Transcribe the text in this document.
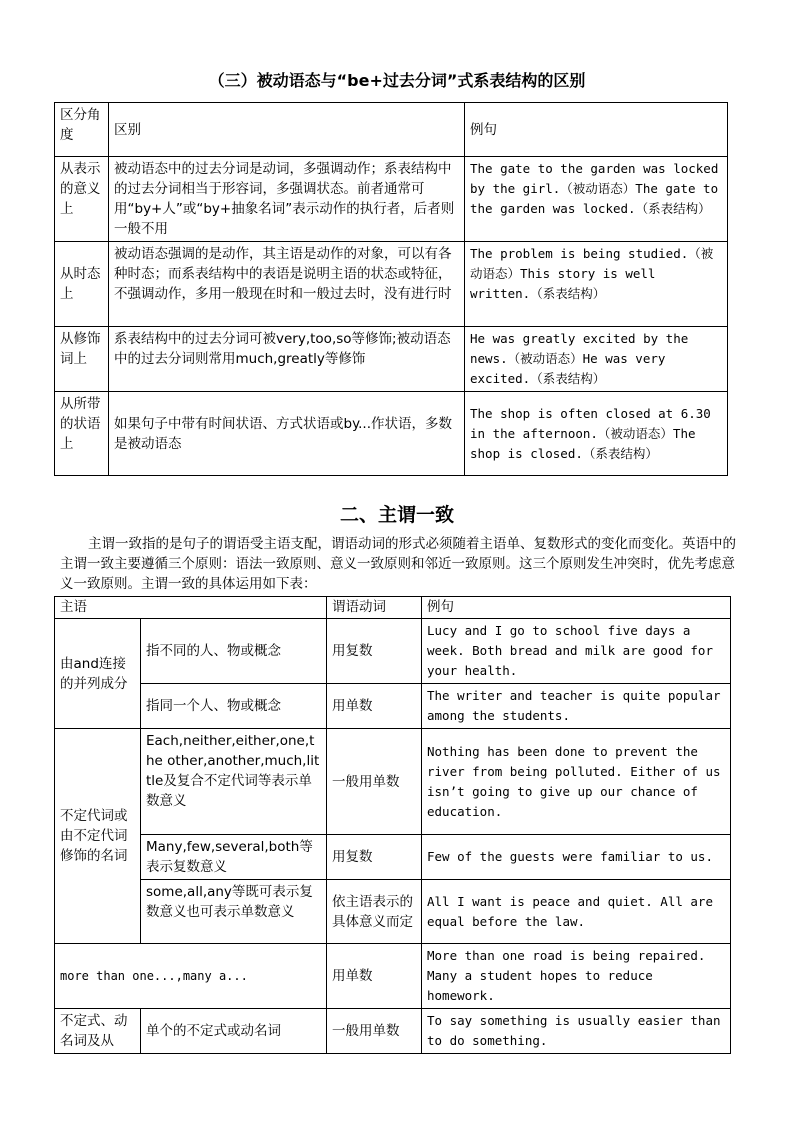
（三）被动语态与“be+过去分词”式系表结构的区别
区分角度	区别	例句
从表示的意义上	被动语态中的过去分词是动词，多强调动作；系表结构中的过去分词相当于形容词，多强调状态。前者通常可用“by+人”或“by+抽象名词”表示动作的执行者，后者则一般不用	The gate to the garden was locked by the girl.（被动语态）The gate to the garden was locked.（系表结构）
从时态上	被动语态强调的是动作，其主语是动作的对象，可以有各种时态；而系表结构中的表语是说明主语的状态或特征，不强调动作，多用一般现在时和一般过去时，没有进行时	The problem is being studied.（被动语态）This story is well written.（系表结构）
从修饰词上	系表结构中的过去分词可被very,too,so等修饰;被动语态中的过去分词则常用much,greatly等修饰	He was greatly excited by the news.（被动语态）He was very excited.（系表结构）
从所带的状语上	如果句子中带有时间状语、方式状语或by...作状语，多数是被动语态	The shop is often closed at 6.30 in the afternoon.（被动语态）The shop is closed.（系表结构）
二、主谓一致
主谓一致指的是句子的谓语受主语支配，谓语动词的形式必须随着主语单、复数形式的变化而变化。英语中的主谓一致主要遵循三个原则：语法一致原则、意义一致原则和邻近一致原则。这三个原则发生冲突时，优先考虑意义一致原则。主谓一致的具体运用如下表：
主语		谓语动词	例句
由and连接的并列成分	指不同的人、物或概念	用复数	Lucy and I go to school five days a week. Both bread and milk are good for your health.
	指同一个人、物或概念	用单数	The writer and teacher is quite popular among the students.
不定代词或由不定代词修饰的名词	Each,neither,either,one,the other,another,much,little及复合不定代词等表示单数意义	一般用单数	Nothing has been done to prevent the river from being polluted. Either of us isn’t going to give up our chance of education.
	Many,few,several,both等表示复数意义	用复数	Few of the guests were familiar to us.
	some,all,any等既可表示复数意义也可表示单数意义	依主语表示的具体意义而定	All I want is peace and quiet. All are equal before the law.
more than one...,many a...		用单数	More than one road is being repaired. Many a student hopes to reduce homework.
不定式、动名词及从	单个的不定式或动名词	一般用单数	To say something is usually easier than to do something.
